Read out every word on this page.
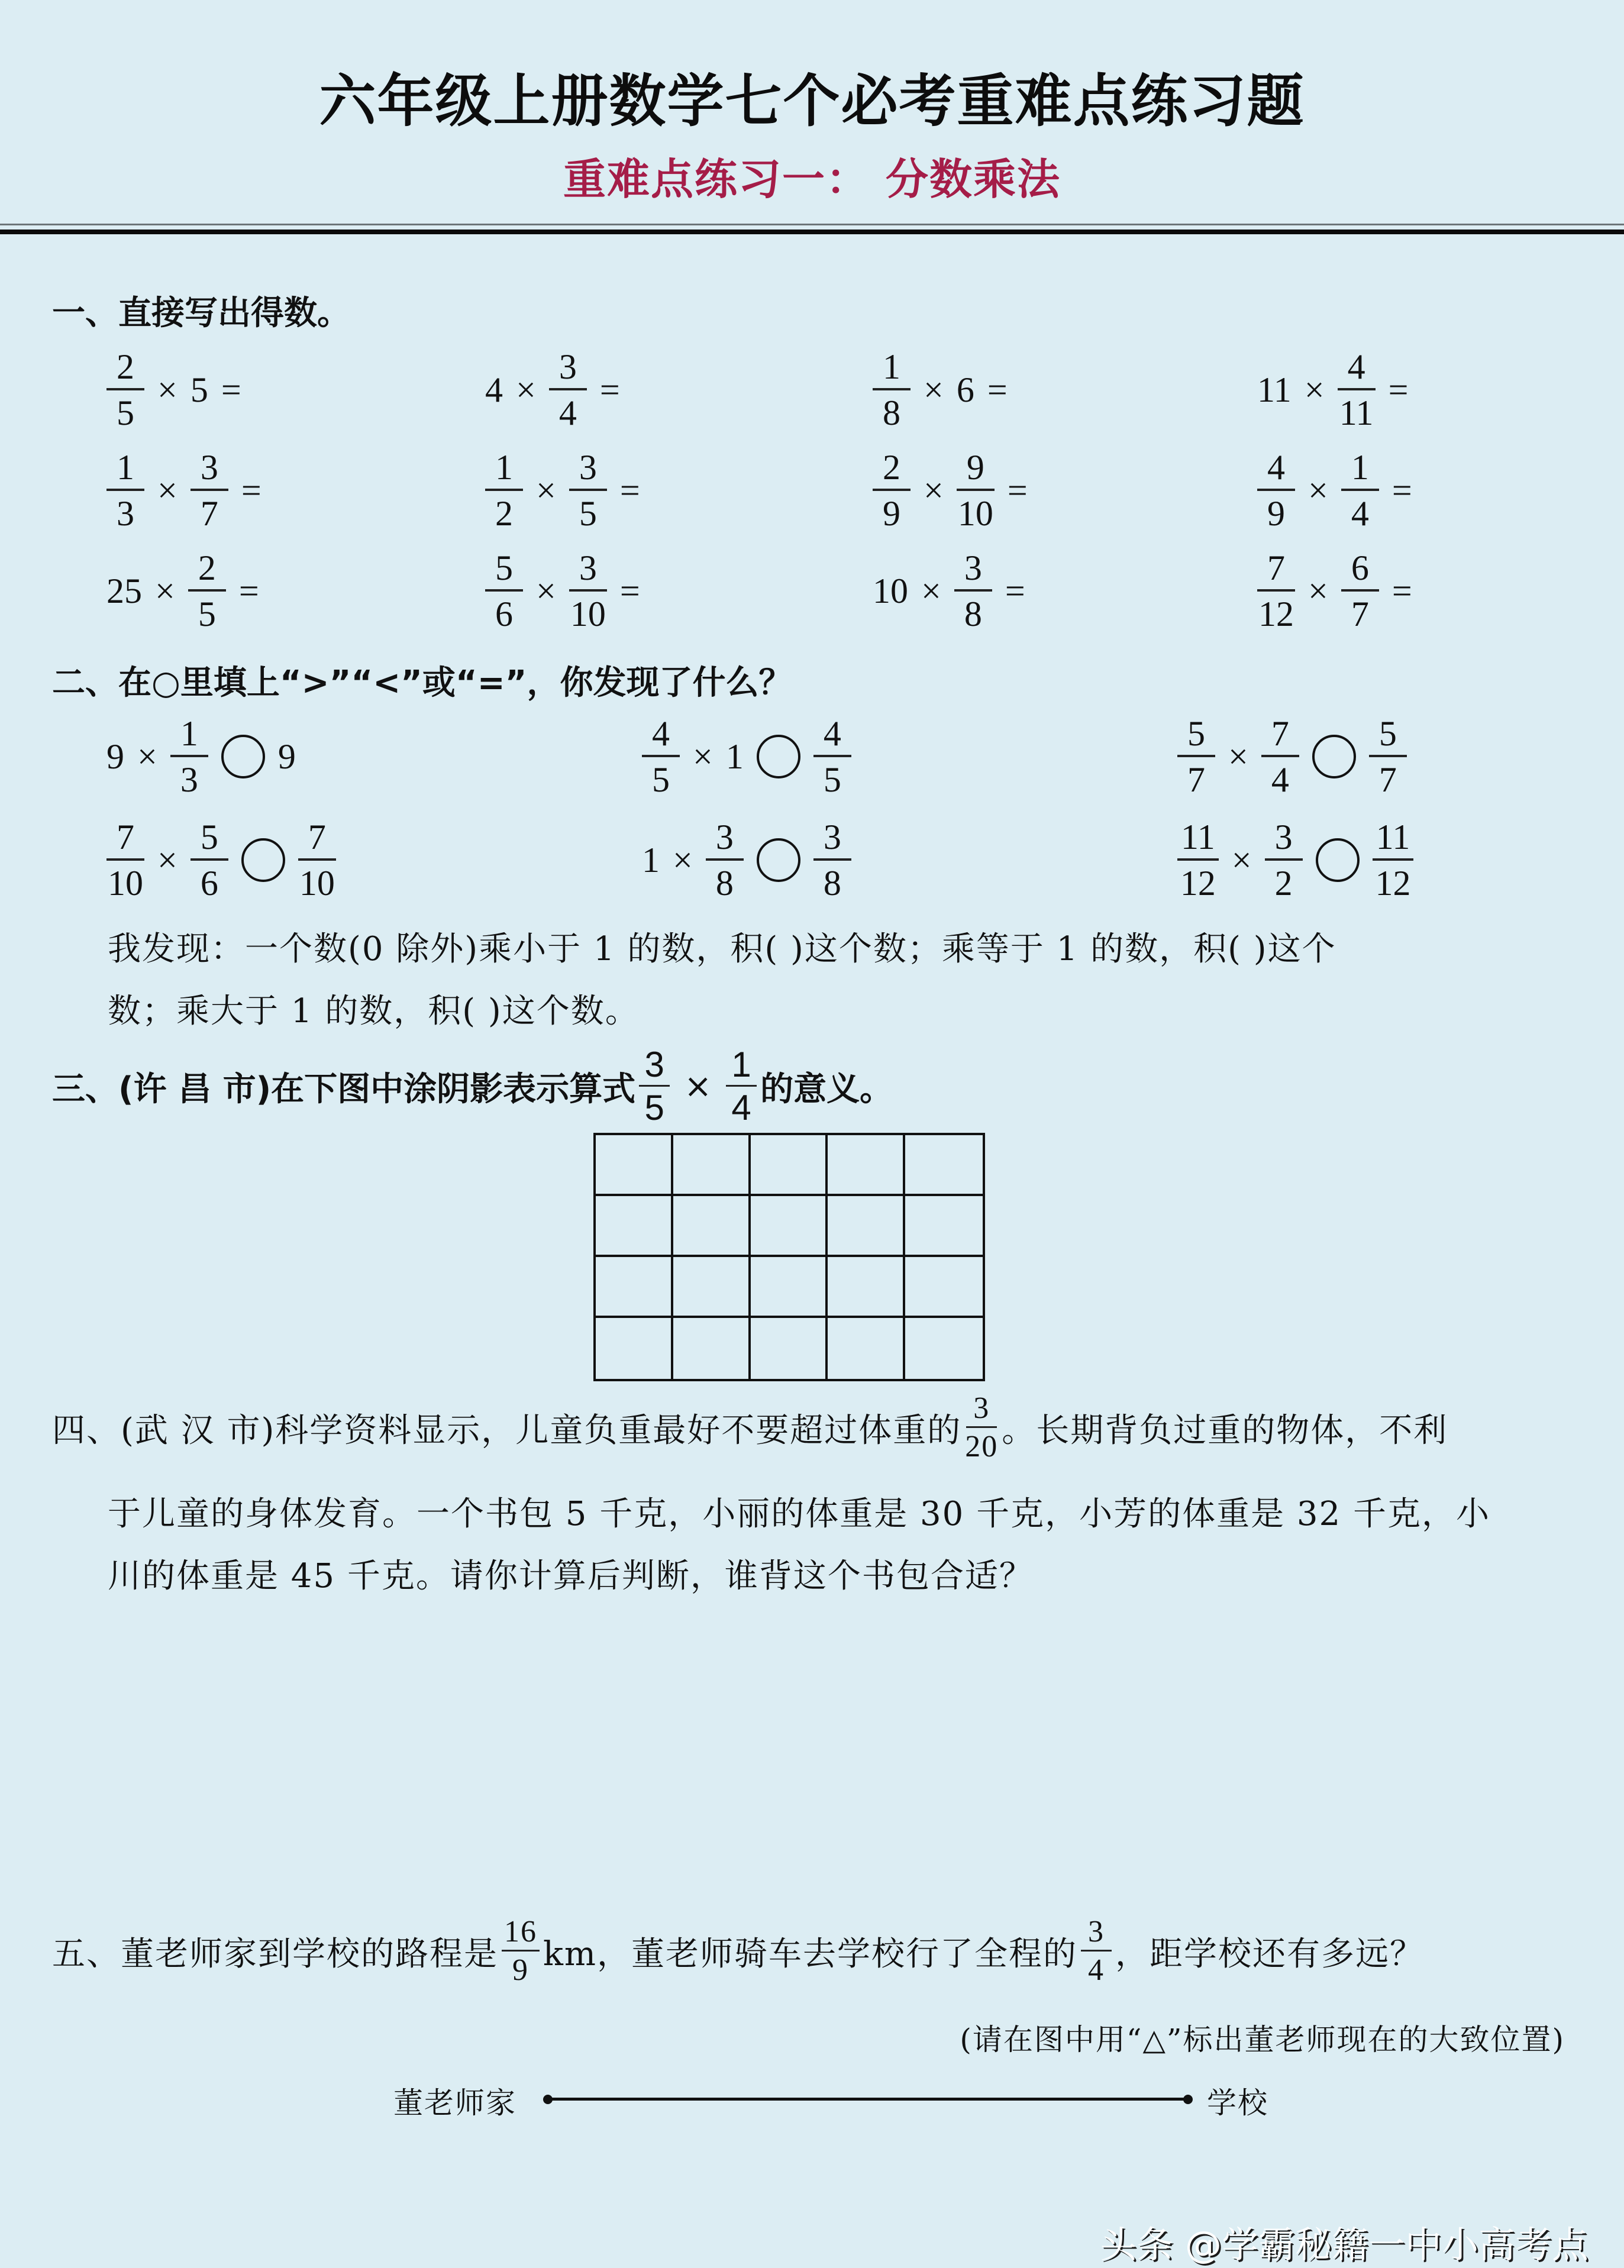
六年级上册数学七个必考重难点练习题
重难点练习一： 分数乘法
一、直接写出得数。
$\frac{2}{5} \times 5$ =	$4 \times \frac{3}{4}$ =	$\frac{1}{8} \times 6$ =	$11 \times \frac{4}{11}$ =
$\frac{1}{3} \times \frac{3}{7}$ =	$\frac{1}{2} \times \frac{3}{5}$ =	$\frac{2}{9} \times \frac{9}{10}$ =	$\frac{4}{9} \times \frac{1}{4}$ =
$25 \times \frac{2}{5}$ =	$\frac{5}{6} \times \frac{3}{10}$ =	$10 \times \frac{3}{8}$ =	$\frac{7}{12} \times \frac{6}{7}$ =
二、在○里填上“>”“<”或“=”，你发现了什么？
$9 \times \frac{1}{3} 9$	$\frac{4}{5} \times 1 \frac{4}{5}$	$\frac{5}{7} \times \frac{7}{4} \frac{5}{7}$
$\frac{7}{10} \times \frac{5}{6} \frac{7}{10}$	$1 \times \frac{3}{8} \frac{3}{8}$	$\frac{11}{12} \times \frac{3}{2} \frac{11}{12}$
我发现：一个数(0 除外)乘小于 1 的数，积( )这个数；乘等于 1 的数，积( )这个
数；乘大于 1 的数，积( )这个数。
三、(许 昌 市)在下图中涂阴影表示算式 $\frac{3}{5} \times \frac{1}{4}$ 的意义。
四、(武 汉 市)科学资料显示，儿童负重最好不要超过体重的 $\frac{3}{20}$ 。长期背负过重的物体，不利
于儿童的身体发育。一个书包 5 千克，小丽的体重是 30 千克，小芳的体重是 32 千克，小
川的体重是 45 千克。请你计算后判断，谁背这个书包合适？
五、董老师家到学校的路程是 $\frac{16}{9}$ km，董老师骑车去学校行了全程的 $\frac{3}{4}$ ，距学校还有多远？
(请在图中用“△”标出董老师现在的大致位置)
董老师家	学校
头条 @学霸秘籍一中小高考点
